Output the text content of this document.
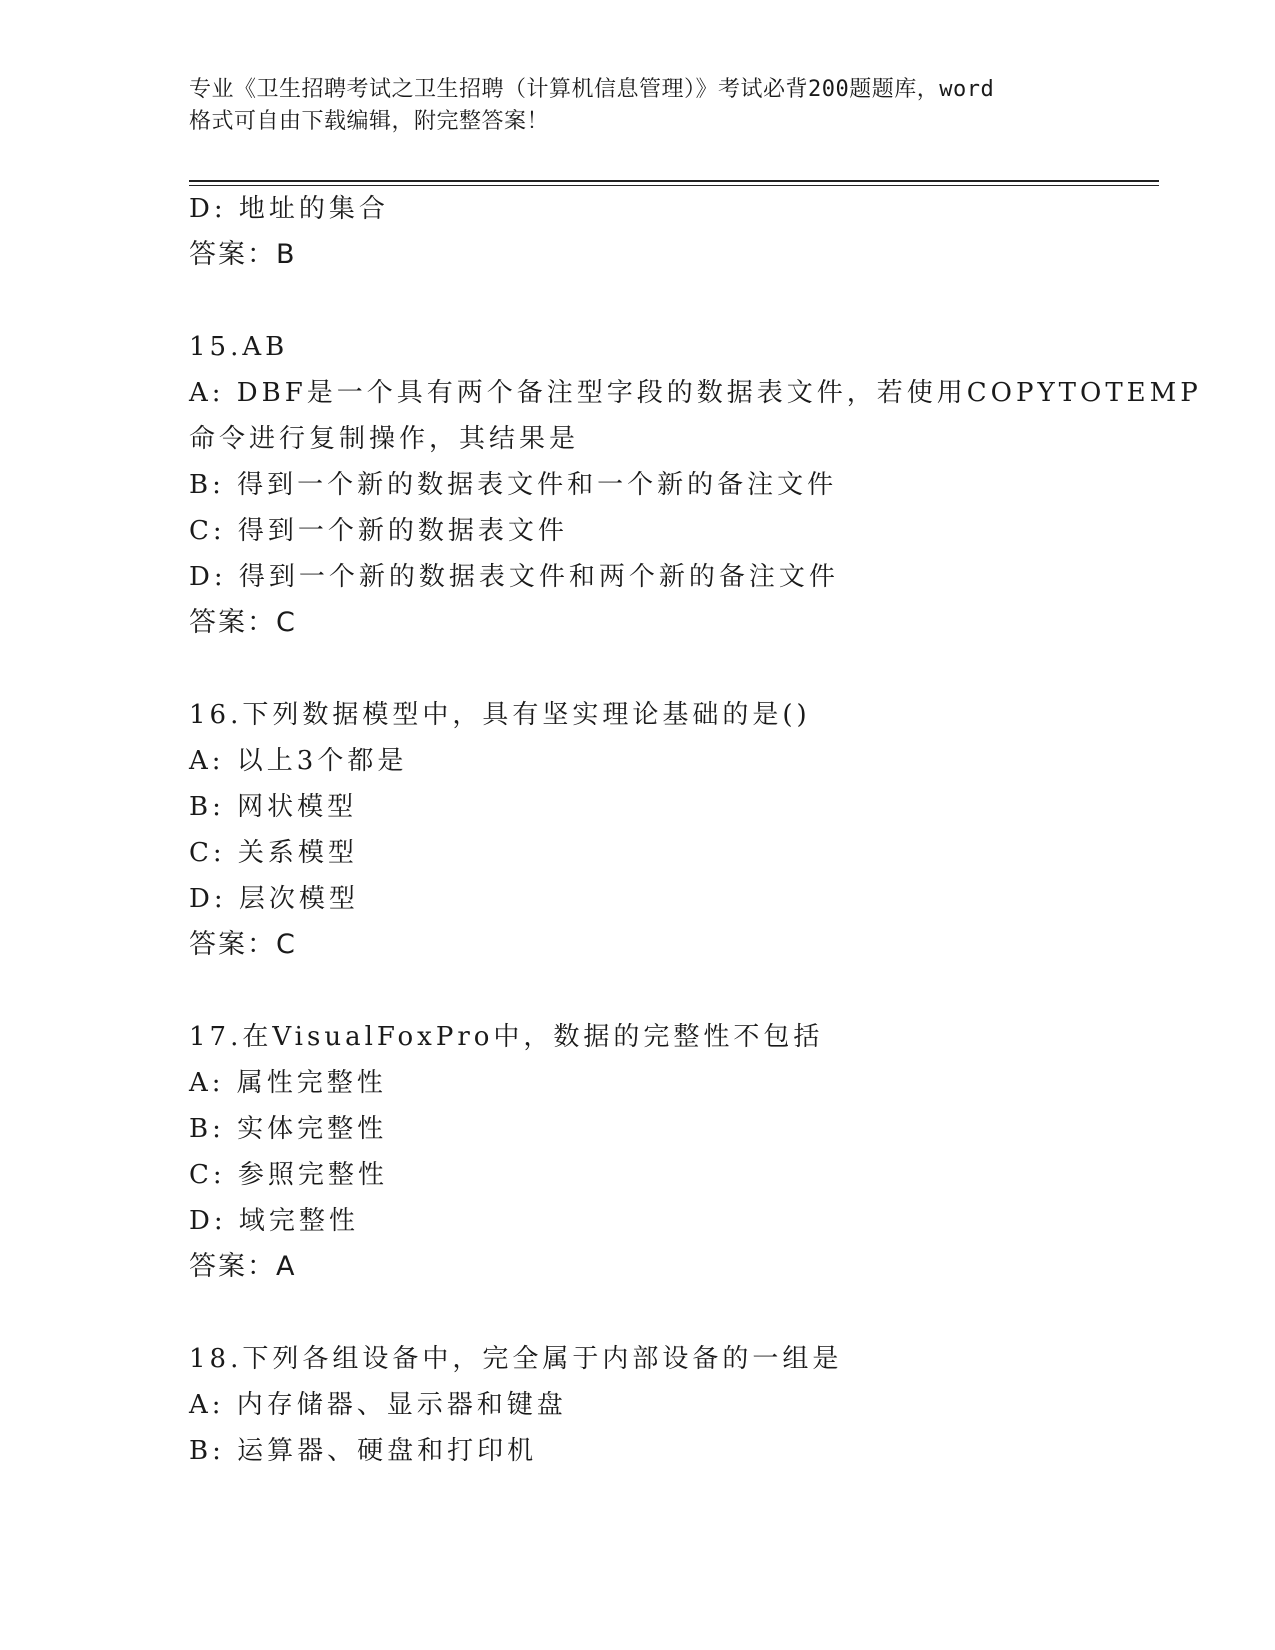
专业《卫生招聘考试之卫生招聘（计算机信息管理）》考试必背200题题库，word
格式可自由下载编辑，附完整答案！
D: 地址的集合
答案：B
15.AB
A: DBF是一个具有两个备注型字段的数据表文件，若使用COPYTOTEMP
命令进行复制操作，其结果是
B: 得到一个新的数据表文件和一个新的备注文件
C: 得到一个新的数据表文件
D: 得到一个新的数据表文件和两个新的备注文件
答案：C
16.下列数据模型中，具有坚实理论基础的是()
A: 以上3个都是
B: 网状模型
C: 关系模型
D: 层次模型
答案：C
17.在VisualFoxPro中，数据的完整性不包括
A: 属性完整性
B: 实体完整性
C: 参照完整性
D: 域完整性
答案：A
18.下列各组设备中，完全属于内部设备的一组是
A: 内存储器、显示器和键盘
B: 运算器、硬盘和打印机
